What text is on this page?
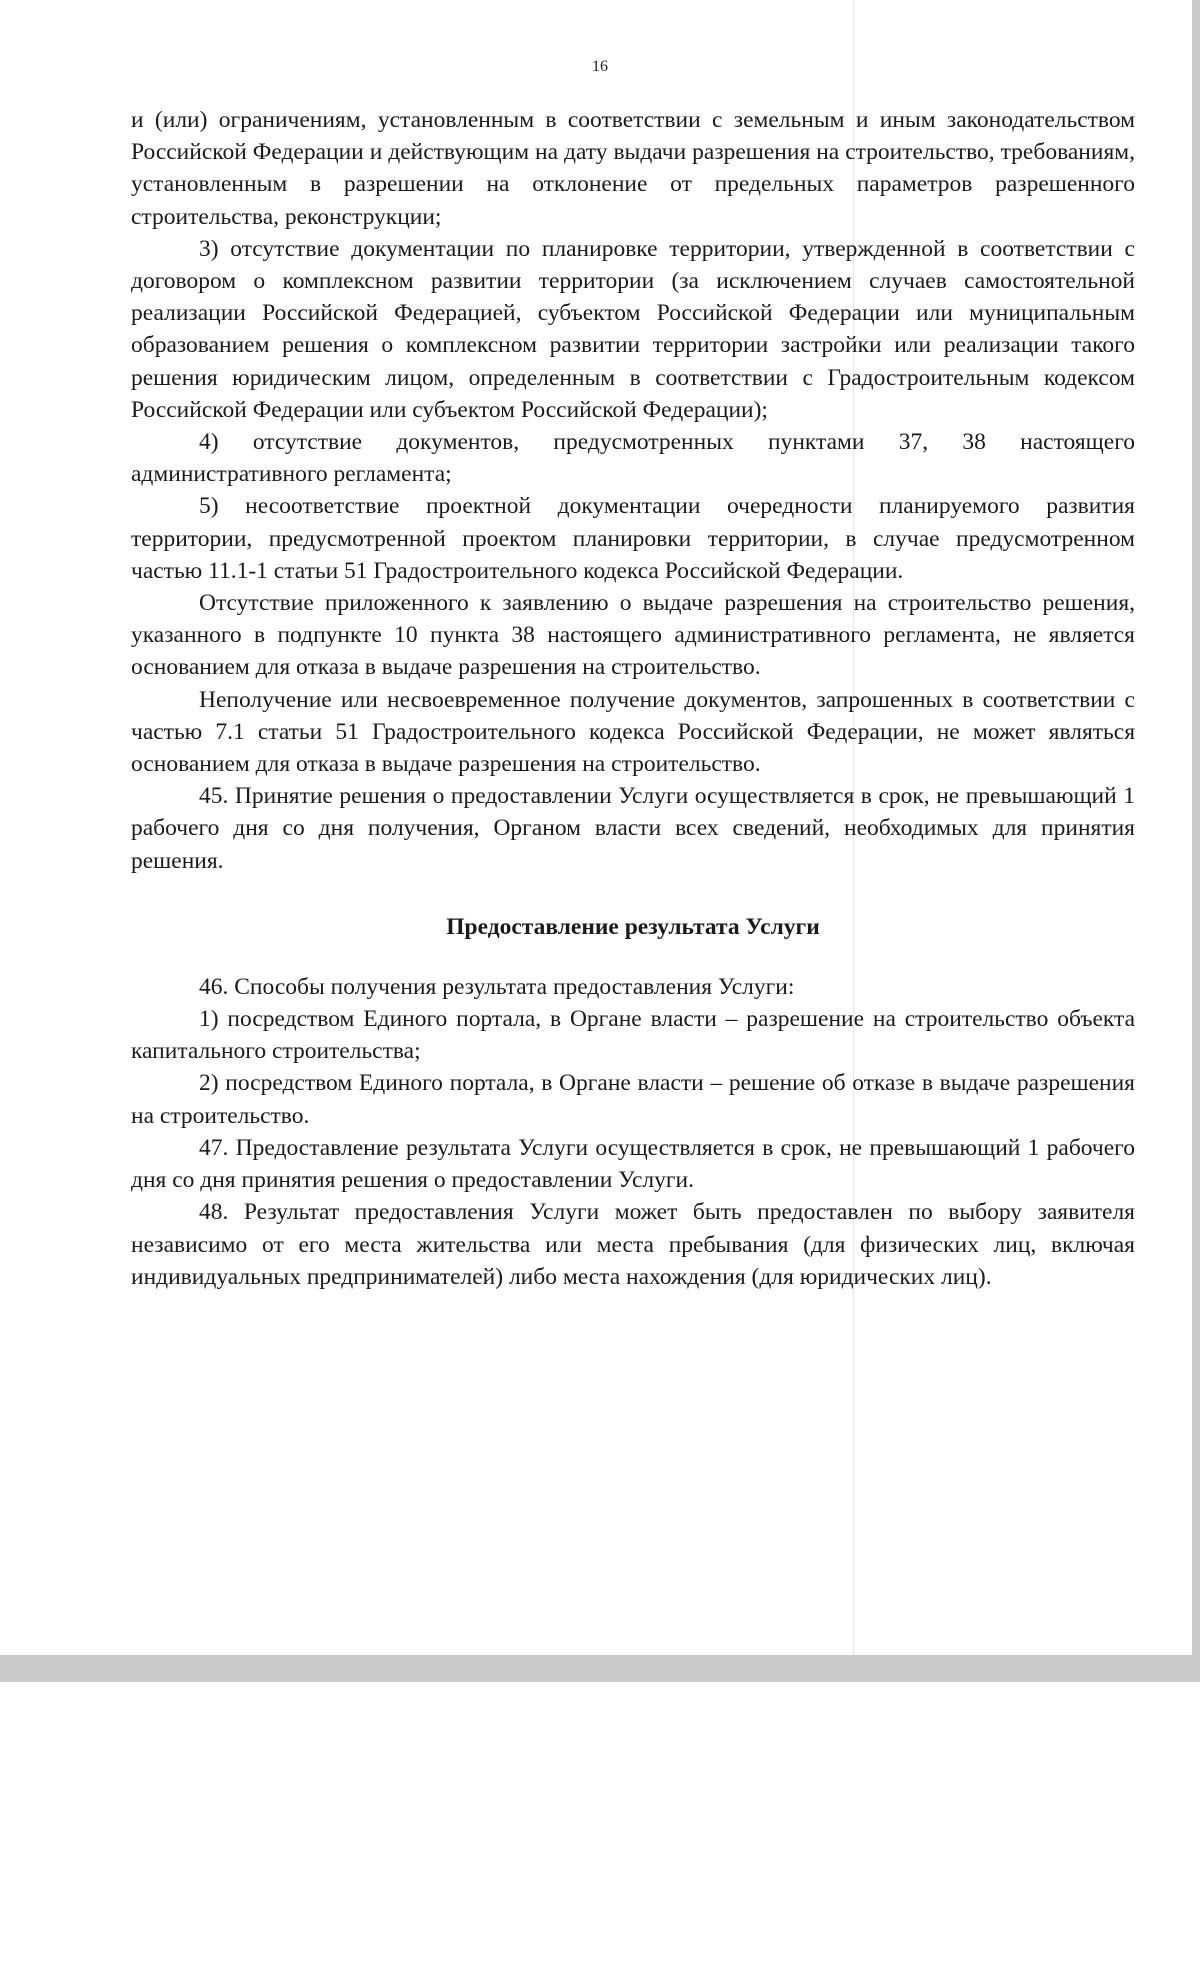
16

и (или) ограничениям, установленным в соответствии с земельным и иным законодательством Российской Федерации и действующим на дату выдачи разрешения на строительство, требованиям, установленным в разрешении на отклонение от предельных параметров разрешенного строительства, реконструкции;

3) отсутствие документации по планировке территории, утвержденной в соответствии с договором о комплексном развитии территории (за исключением случаев самостоятельной реализации Российской Федерацией, субъектом Российской Федерации или муниципальным образованием решения о комплексном развитии территории застройки или реализации такого решения юридическим лицом, определенным в соответствии с Градостроительным кодексом Российской Федерации или субъектом Российской Федерации);

4) отсутствие документов, предусмотренных пунктами 37, 38 настоящего административного регламента;

5) несоответствие проектной документации очередности планируемого развития территории, предусмотренной проектом планировки территории, в случае предусмотренном частью 11.1-1 статьи 51 Градостроительного кодекса Российской Федерации.

Отсутствие приложенного к заявлению о выдаче разрешения на строительство решения, указанного в подпункте 10 пункта 38 настоящего административного регламента, не является основанием для отказа в выдаче разрешения на строительство.

Неполучение или несвоевременное получение документов, запрошенных в соответствии с частью 7.1 статьи 51 Градостроительного кодекса Российской Федерации, не может являться основанием для отказа в выдаче разрешения на строительство.

45. Принятие решения о предоставлении Услуги осуществляется в срок, не превышающий 1 рабочего дня со дня получения, Органом власти всех сведений, необходимых для принятия решения.

Предоставление результата Услуги

46. Способы получения результата предоставления Услуги:

1) посредством Единого портала, в Органе власти – разрешение на строительство объекта капитального строительства;

2) посредством Единого портала, в Органе власти – решение об отказе в выдаче разрешения на строительство.

47. Предоставление результата Услуги осуществляется в срок, не превышающий 1 рабочего дня со дня принятия решения о предоставлении Услуги.

48. Результат предоставления Услуги может быть предоставлен по выбору заявителя независимо от его места жительства или места пребывания (для физических лиц, включая индивидуальных предпринимателей) либо места нахождения (для юридических лиц).
